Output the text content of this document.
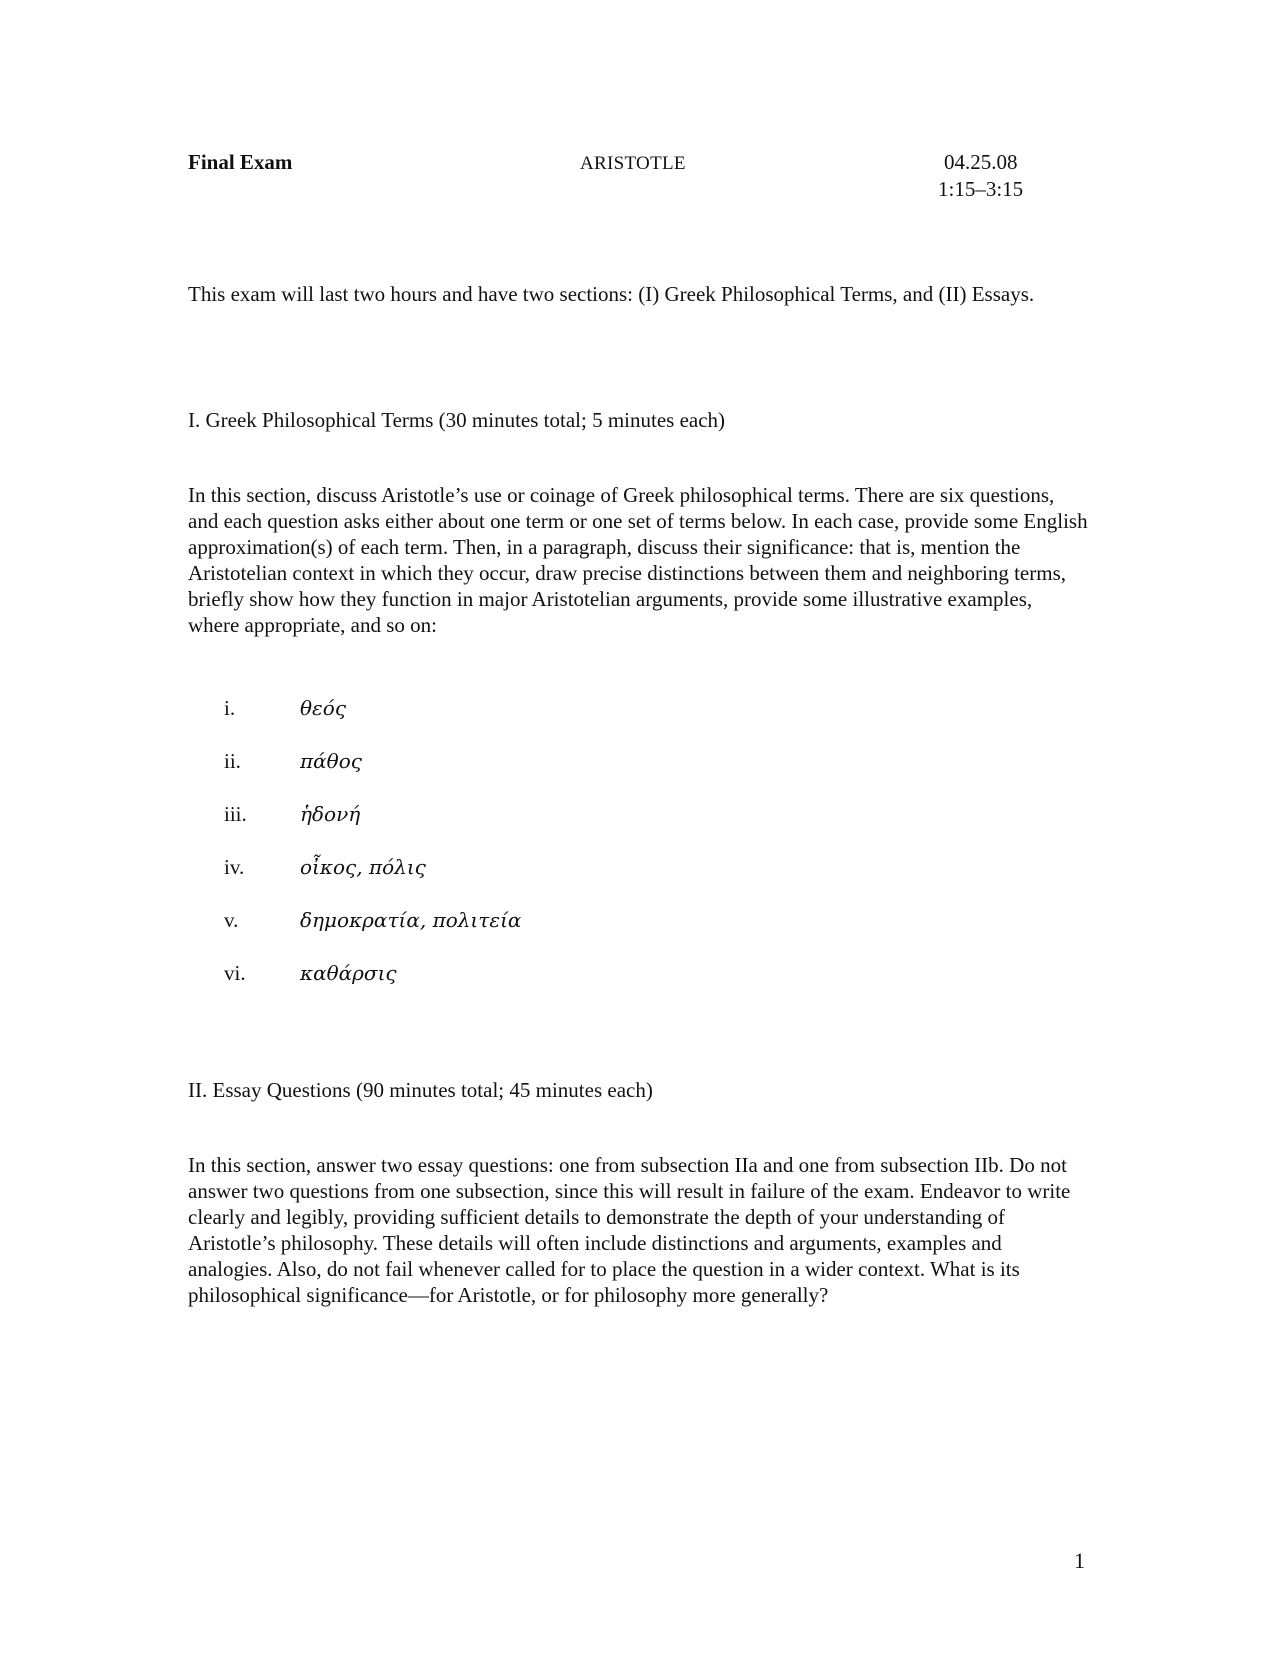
Final Exam	ARISTOTLE	04.25.08
1:15–3:15
This exam will last two hours and have two sections: (I) Greek Philosophical Terms, and (II) Essays.
I. Greek Philosophical Terms (30 minutes total; 5 minutes each)
In this section, discuss Aristotle’s use or coinage of Greek philosophical terms. There are six questions, and each question asks either about one term or one set of terms below. In each case, provide some English approximation(s) of each term. Then, in a paragraph, discuss their significance: that is, mention the Aristotelian context in which they occur, draw precise distinctions between them and neighboring terms, briefly show how they function in major Aristotelian arguments, provide some illustrative examples, where appropriate, and so on:
i.	θεός
ii.	πάθος
iii.	ἡδονή
iv.	οἶκος, πόλις
v.	δημοκρατία, πολιτεία
vi.	καθάρσις
II. Essay Questions (90 minutes total; 45 minutes each)
In this section, answer two essay questions: one from subsection IIa and one from subsection IIb. Do not answer two questions from one subsection, since this will result in failure of the exam. Endeavor to write clearly and legibly, providing sufficient details to demonstrate the depth of your understanding of Aristotle’s philosophy. These details will often include distinctions and arguments, examples and analogies. Also, do not fail whenever called for to place the question in a wider context. What is its philosophical significance—for Aristotle, or for philosophy more generally?
1
